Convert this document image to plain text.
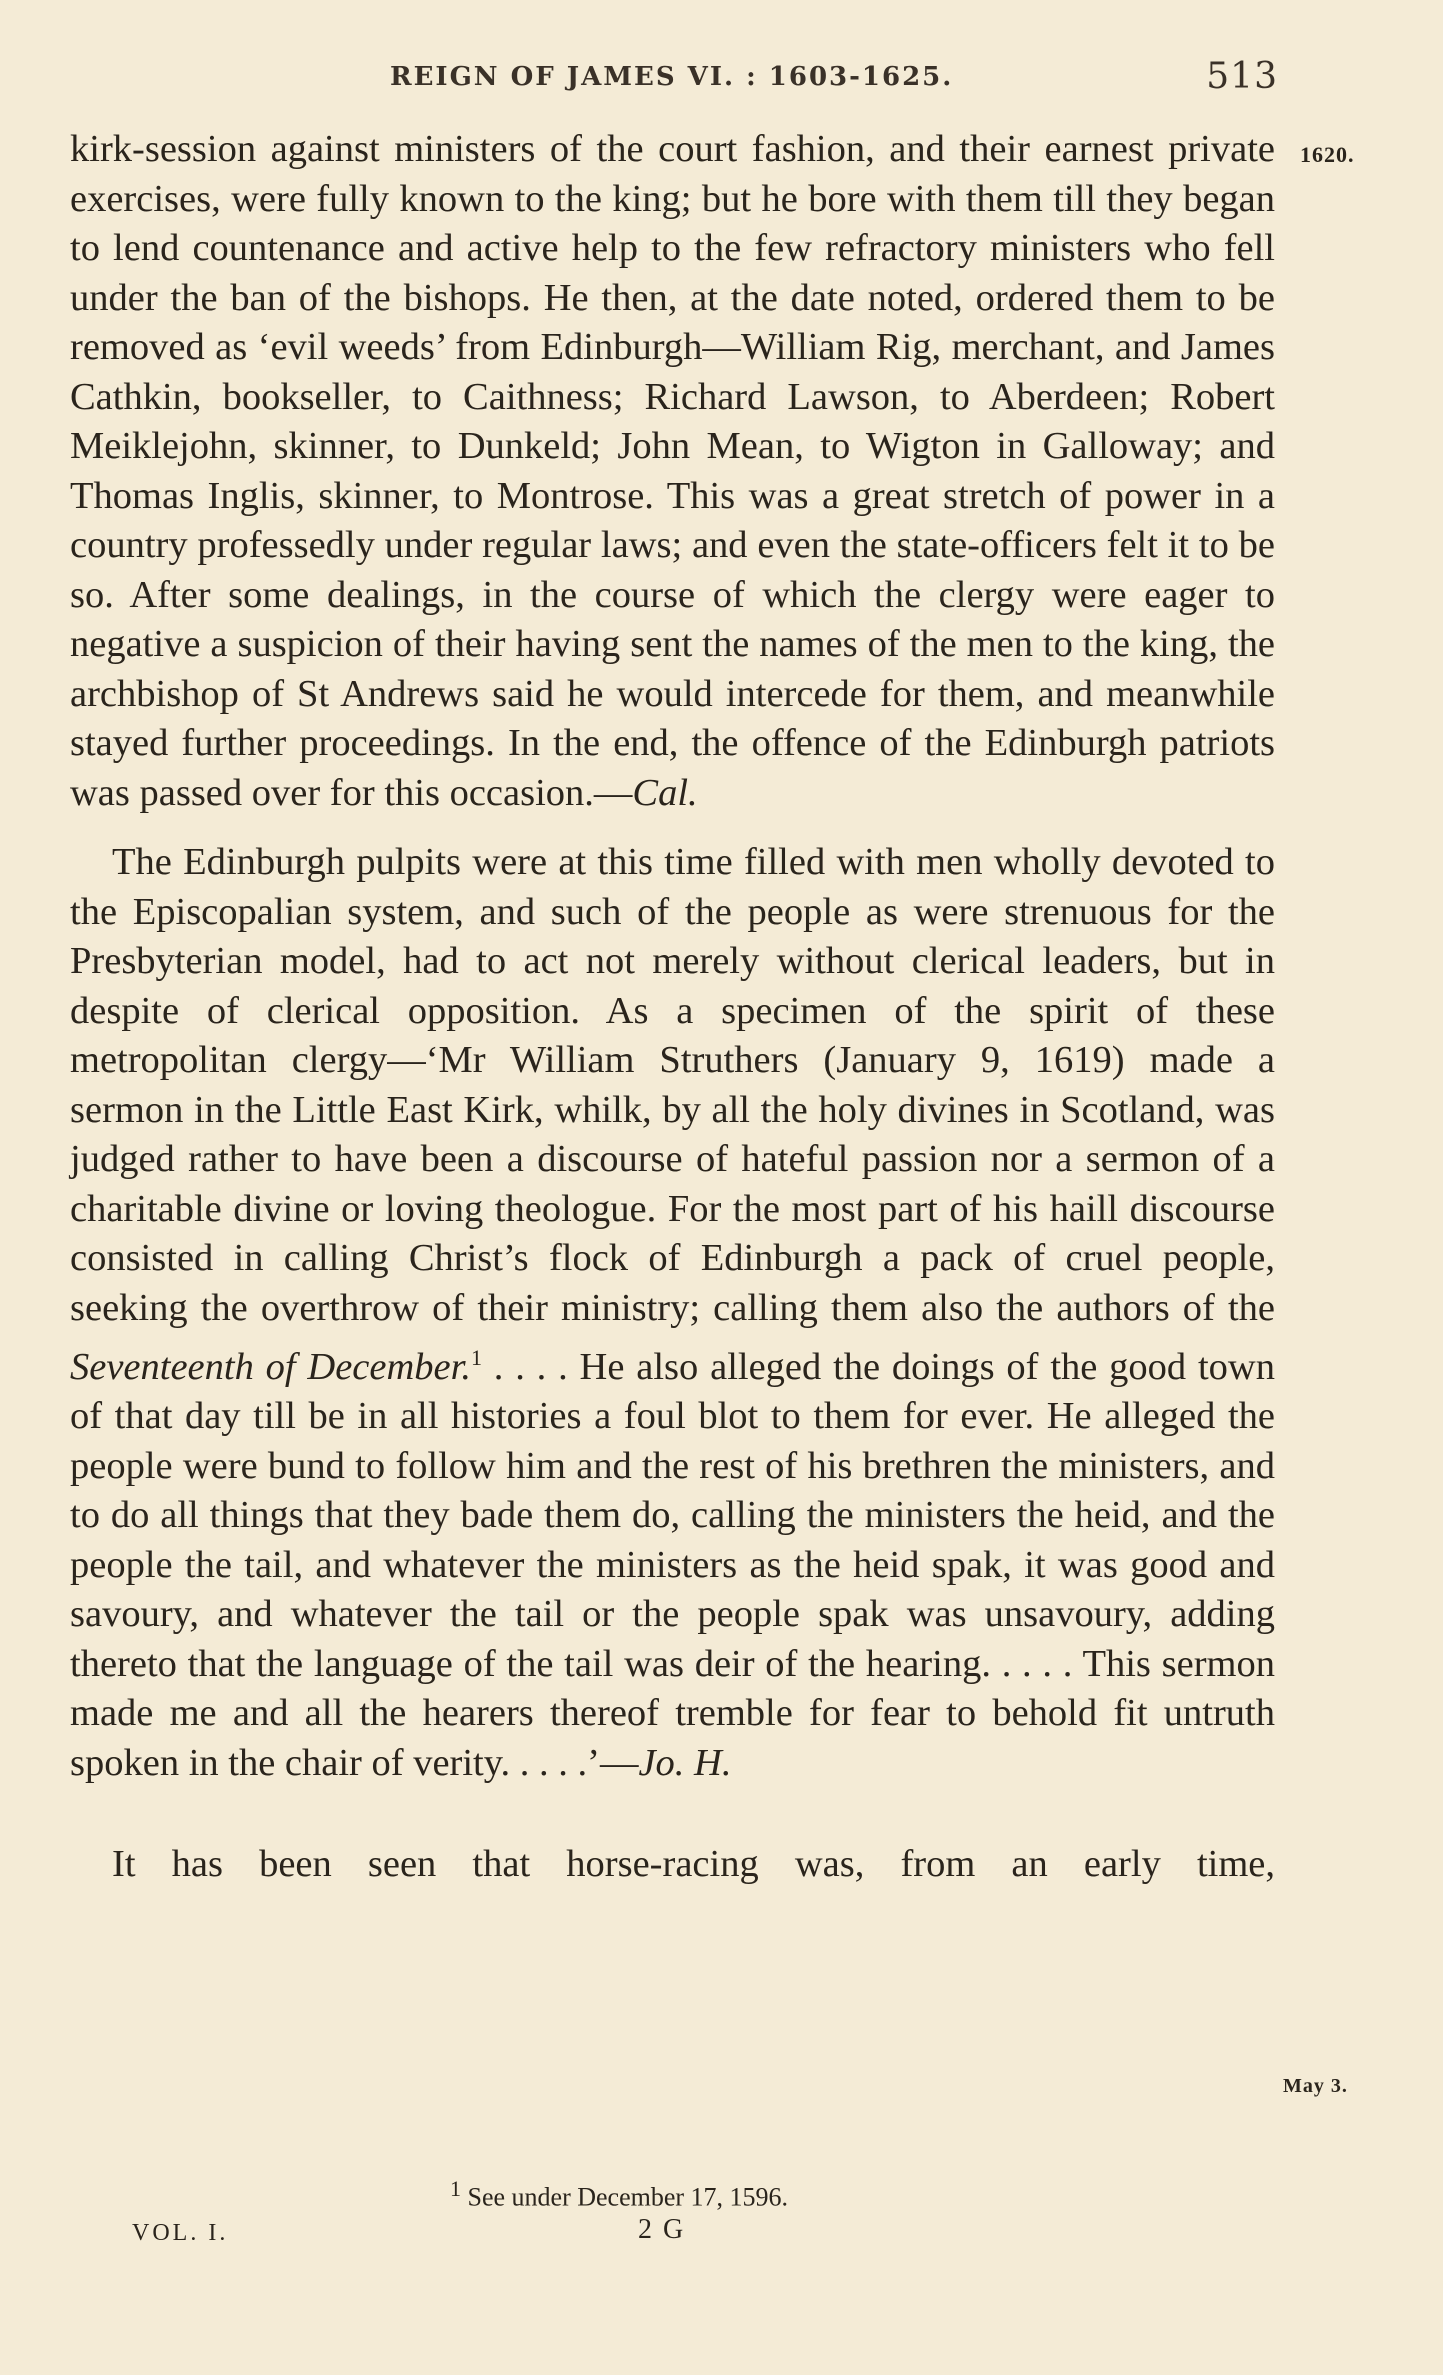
REIGN OF JAMES VI. : 1603-1625.	513
1620.
May 3.

kirk-session against ministers of the court fashion, and their earnest private exercises, were fully known to the king; but he bore with them till they began to lend countenance and active help to the few refractory ministers who fell under the ban of the bishops. He then, at the date noted, ordered them to be removed as ‘evil weeds’ from Edinburgh—William Rig, merchant, and James Cathkin, bookseller, to Caithness; Richard Lawson, to Aberdeen; Robert Meiklejohn, skinner, to Dunkeld; John Mean, to Wigton in Galloway; and Thomas Inglis, skinner, to Montrose. This was a great stretch of power in a country professedly under regular laws; and even the state-officers felt it to be so. After some dealings, in the course of which the clergy were eager to negative a suspicion of their having sent the names of the men to the king, the archbishop of St Andrews said he would intercede for them, and meanwhile stayed further proceedings. In the end, the offence of the Edinburgh patriots was passed over for this occasion.—Cal.

The Edinburgh pulpits were at this time filled with men wholly devoted to the Episcopalian system, and such of the people as were strenuous for the Presbyterian model, had to act not merely without clerical leaders, but in despite of clerical opposition. As a specimen of the spirit of these metropolitan clergy—‘Mr William Struthers (January 9, 1619) made a sermon in the Little East Kirk, whilk, by all the holy divines in Scotland, was judged rather to have been a discourse of hateful passion nor a sermon of a charitable divine or loving theologue. For the most part of his haill discourse consisted in calling Christ’s flock of Edinburgh a pack of cruel people, seeking the overthrow of their ministry; calling them also the authors of the Seventeenth of December.$^1$ . . . . He also alleged the doings of the good town of that day till be in all histories a foul blot to them for ever. He alleged the people were bund to follow him and the rest of his brethren the ministers, and to do all things that they bade them do, calling the ministers the heid, and the people the tail, and whatever the ministers as the heid spak, it was good and savoury, and whatever the tail or the people spak was unsavoury, adding thereto that the language of the tail was deir of the hearing. . . . . This sermon made me and all the hearers thereof tremble for fear to behold fit untruth spoken in the chair of verity. . . . .’—Jo. H.

It has been seen that horse-racing was, from an early time,

$^1$ See under December 17, 1596.
VOL. I.	2 G
